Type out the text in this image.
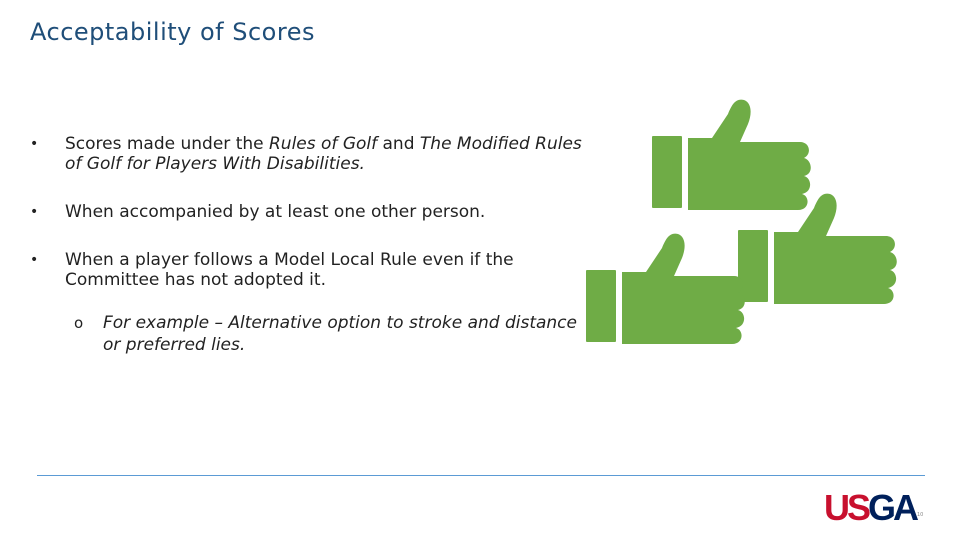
Acceptability of Scores
• Scores made under the Rules of Golf and The Modified Rules of Golf for Players With Disabilities.
• When accompanied by at least one other person.
• When a player follows a Model Local Rule even if the Committee has not adopted it.
o For example – Alternative option to stroke and distance or preferred lies.
USGA 10
